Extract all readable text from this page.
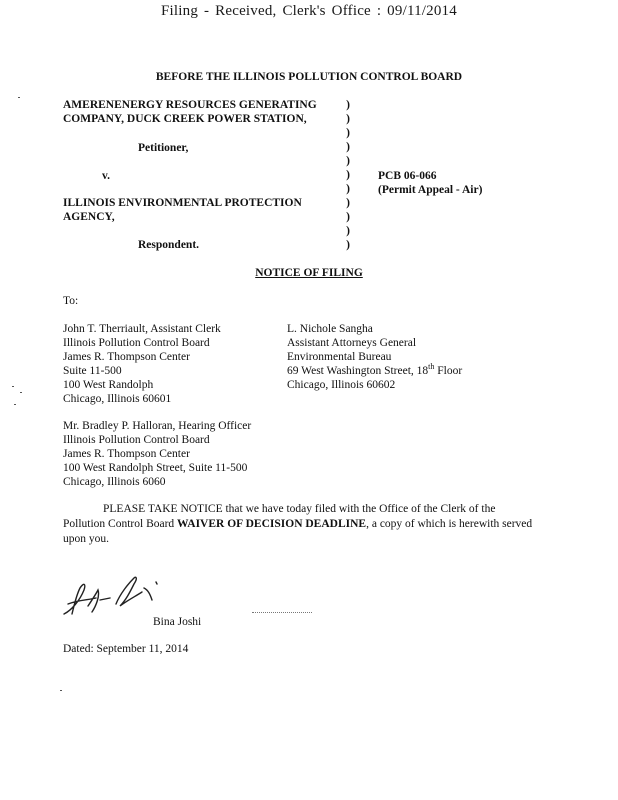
Filing - Received, Clerk's Office : 09/11/2014
BEFORE THE ILLINOIS POLLUTION CONTROL BOARD
AMERENENERGY RESOURCES GENERATING
COMPANY, DUCK CREEK POWER STATION,
Petitioner,
v.
ILLINOIS ENVIRONMENTAL PROTECTION
AGENCY,
Respondent.
)
)
)
)
)
)
)
)
)
)
)
PCB 06-066
(Permit Appeal - Air)
NOTICE OF FILING
To:
John T. Therriault, Assistant Clerk
Illinois Pollution Control Board
James R. Thompson Center
Suite 11-500
100 West Randolph
Chicago, Illinois 60601
L. Nichole Sangha
Assistant Attorneys General
Environmental Bureau
69 West Washington Street, 18th Floor
Chicago, Illinois 60602
Mr. Bradley P. Halloran, Hearing Officer
Illinois Pollution Control Board
James R. Thompson Center
100 West Randolph Street, Suite 11-500
Chicago, Illinois 6060
PLEASE TAKE NOTICE that we have today filed with the Office of the Clerk of the Pollution Control Board WAIVER OF DECISION DEADLINE, a copy of which is herewith served upon you.
Bina Joshi
Dated: September 11, 2014
